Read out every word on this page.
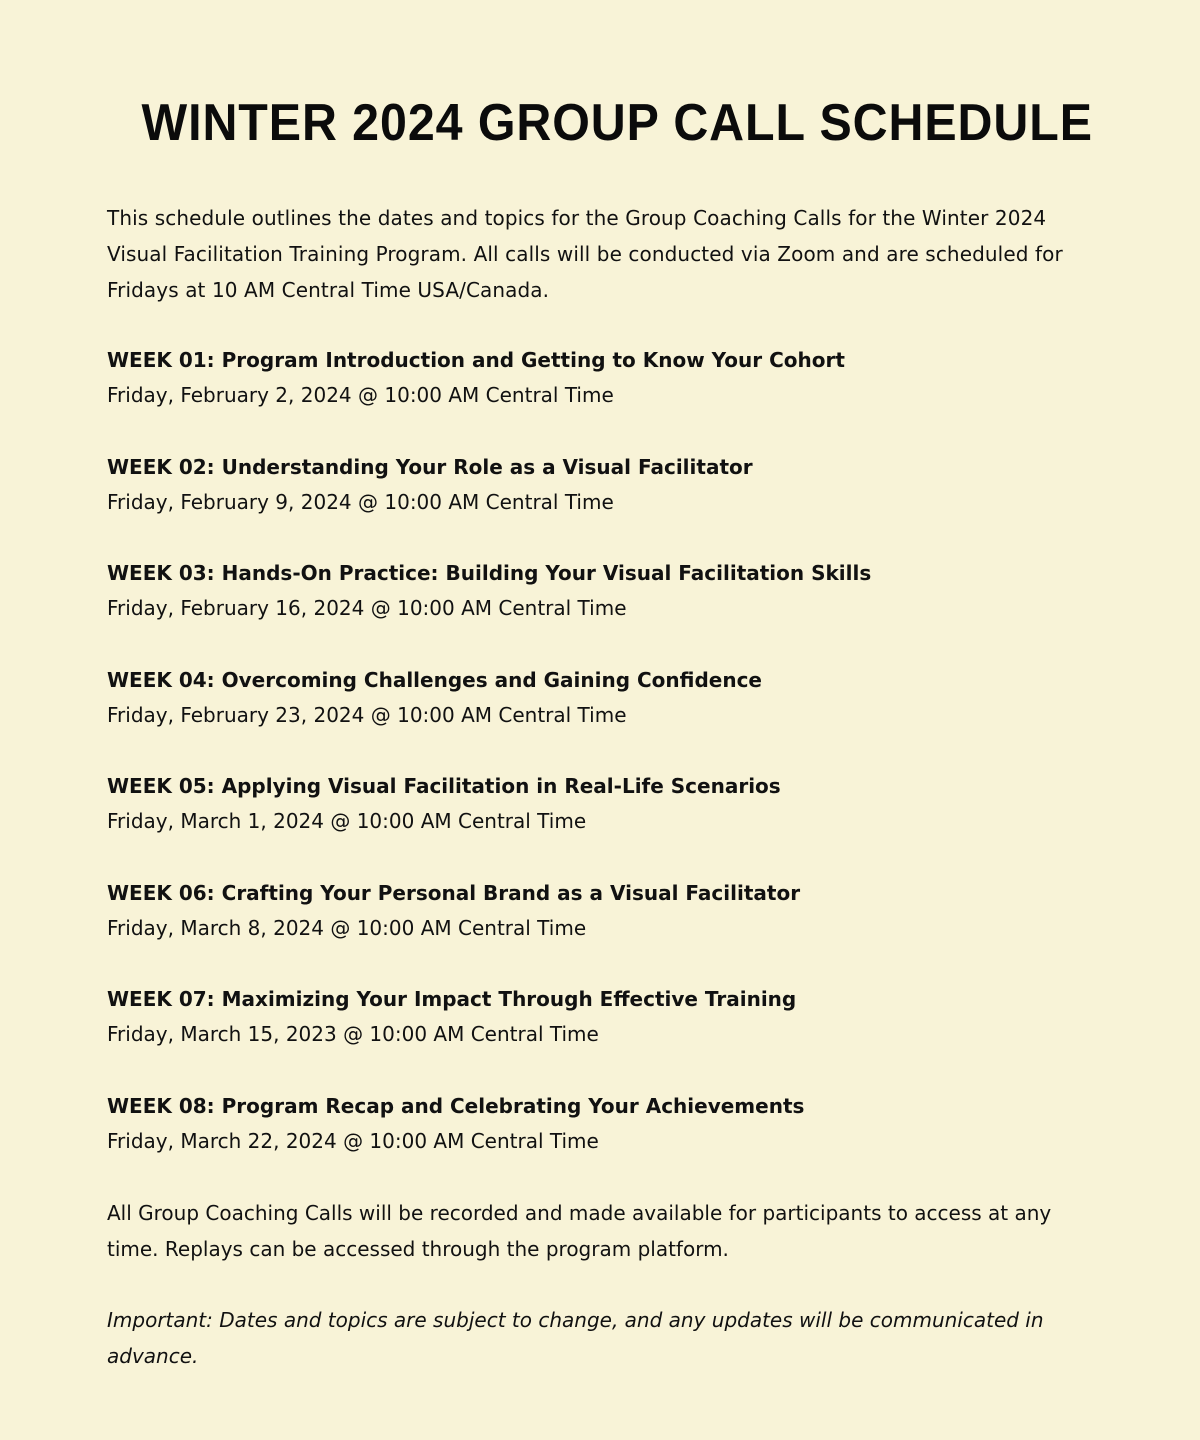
WINTER 2024 GROUP CALL SCHEDULE

This schedule outlines the dates and topics for the Group Coaching Calls for the Winter 2024 Visual Facilitation Training Program. All calls will be conducted via Zoom and are scheduled for Fridays at 10 AM Central Time USA/Canada.

WEEK 01: Program Introduction and Getting to Know Your Cohort
Friday, February 2, 2024 @ 10:00 AM Central Time
WEEK 02: Understanding Your Role as a Visual Facilitator
Friday, February 9, 2024 @ 10:00 AM Central Time
WEEK 03: Hands-On Practice: Building Your Visual Facilitation Skills
Friday, February 16, 2024 @ 10:00 AM Central Time
WEEK 04: Overcoming Challenges and Gaining Confidence
Friday, February 23, 2024 @ 10:00 AM Central Time
WEEK 05: Applying Visual Facilitation in Real-Life Scenarios
Friday, March 1, 2024 @ 10:00 AM Central Time
WEEK 06: Crafting Your Personal Brand as a Visual Facilitator
Friday, March 8, 2024 @ 10:00 AM Central Time
WEEK 07: Maximizing Your Impact Through Effective Training
Friday, March 15, 2023 @ 10:00 AM Central Time
WEEK 08: Program Recap and Celebrating Your Achievements
Friday, March 22, 2024 @ 10:00 AM Central Time

All Group Coaching Calls will be recorded and made available for participants to access at any time. Replays can be accessed through the program platform.

Important: Dates and topics are subject to change, and any updates will be communicated in advance.
